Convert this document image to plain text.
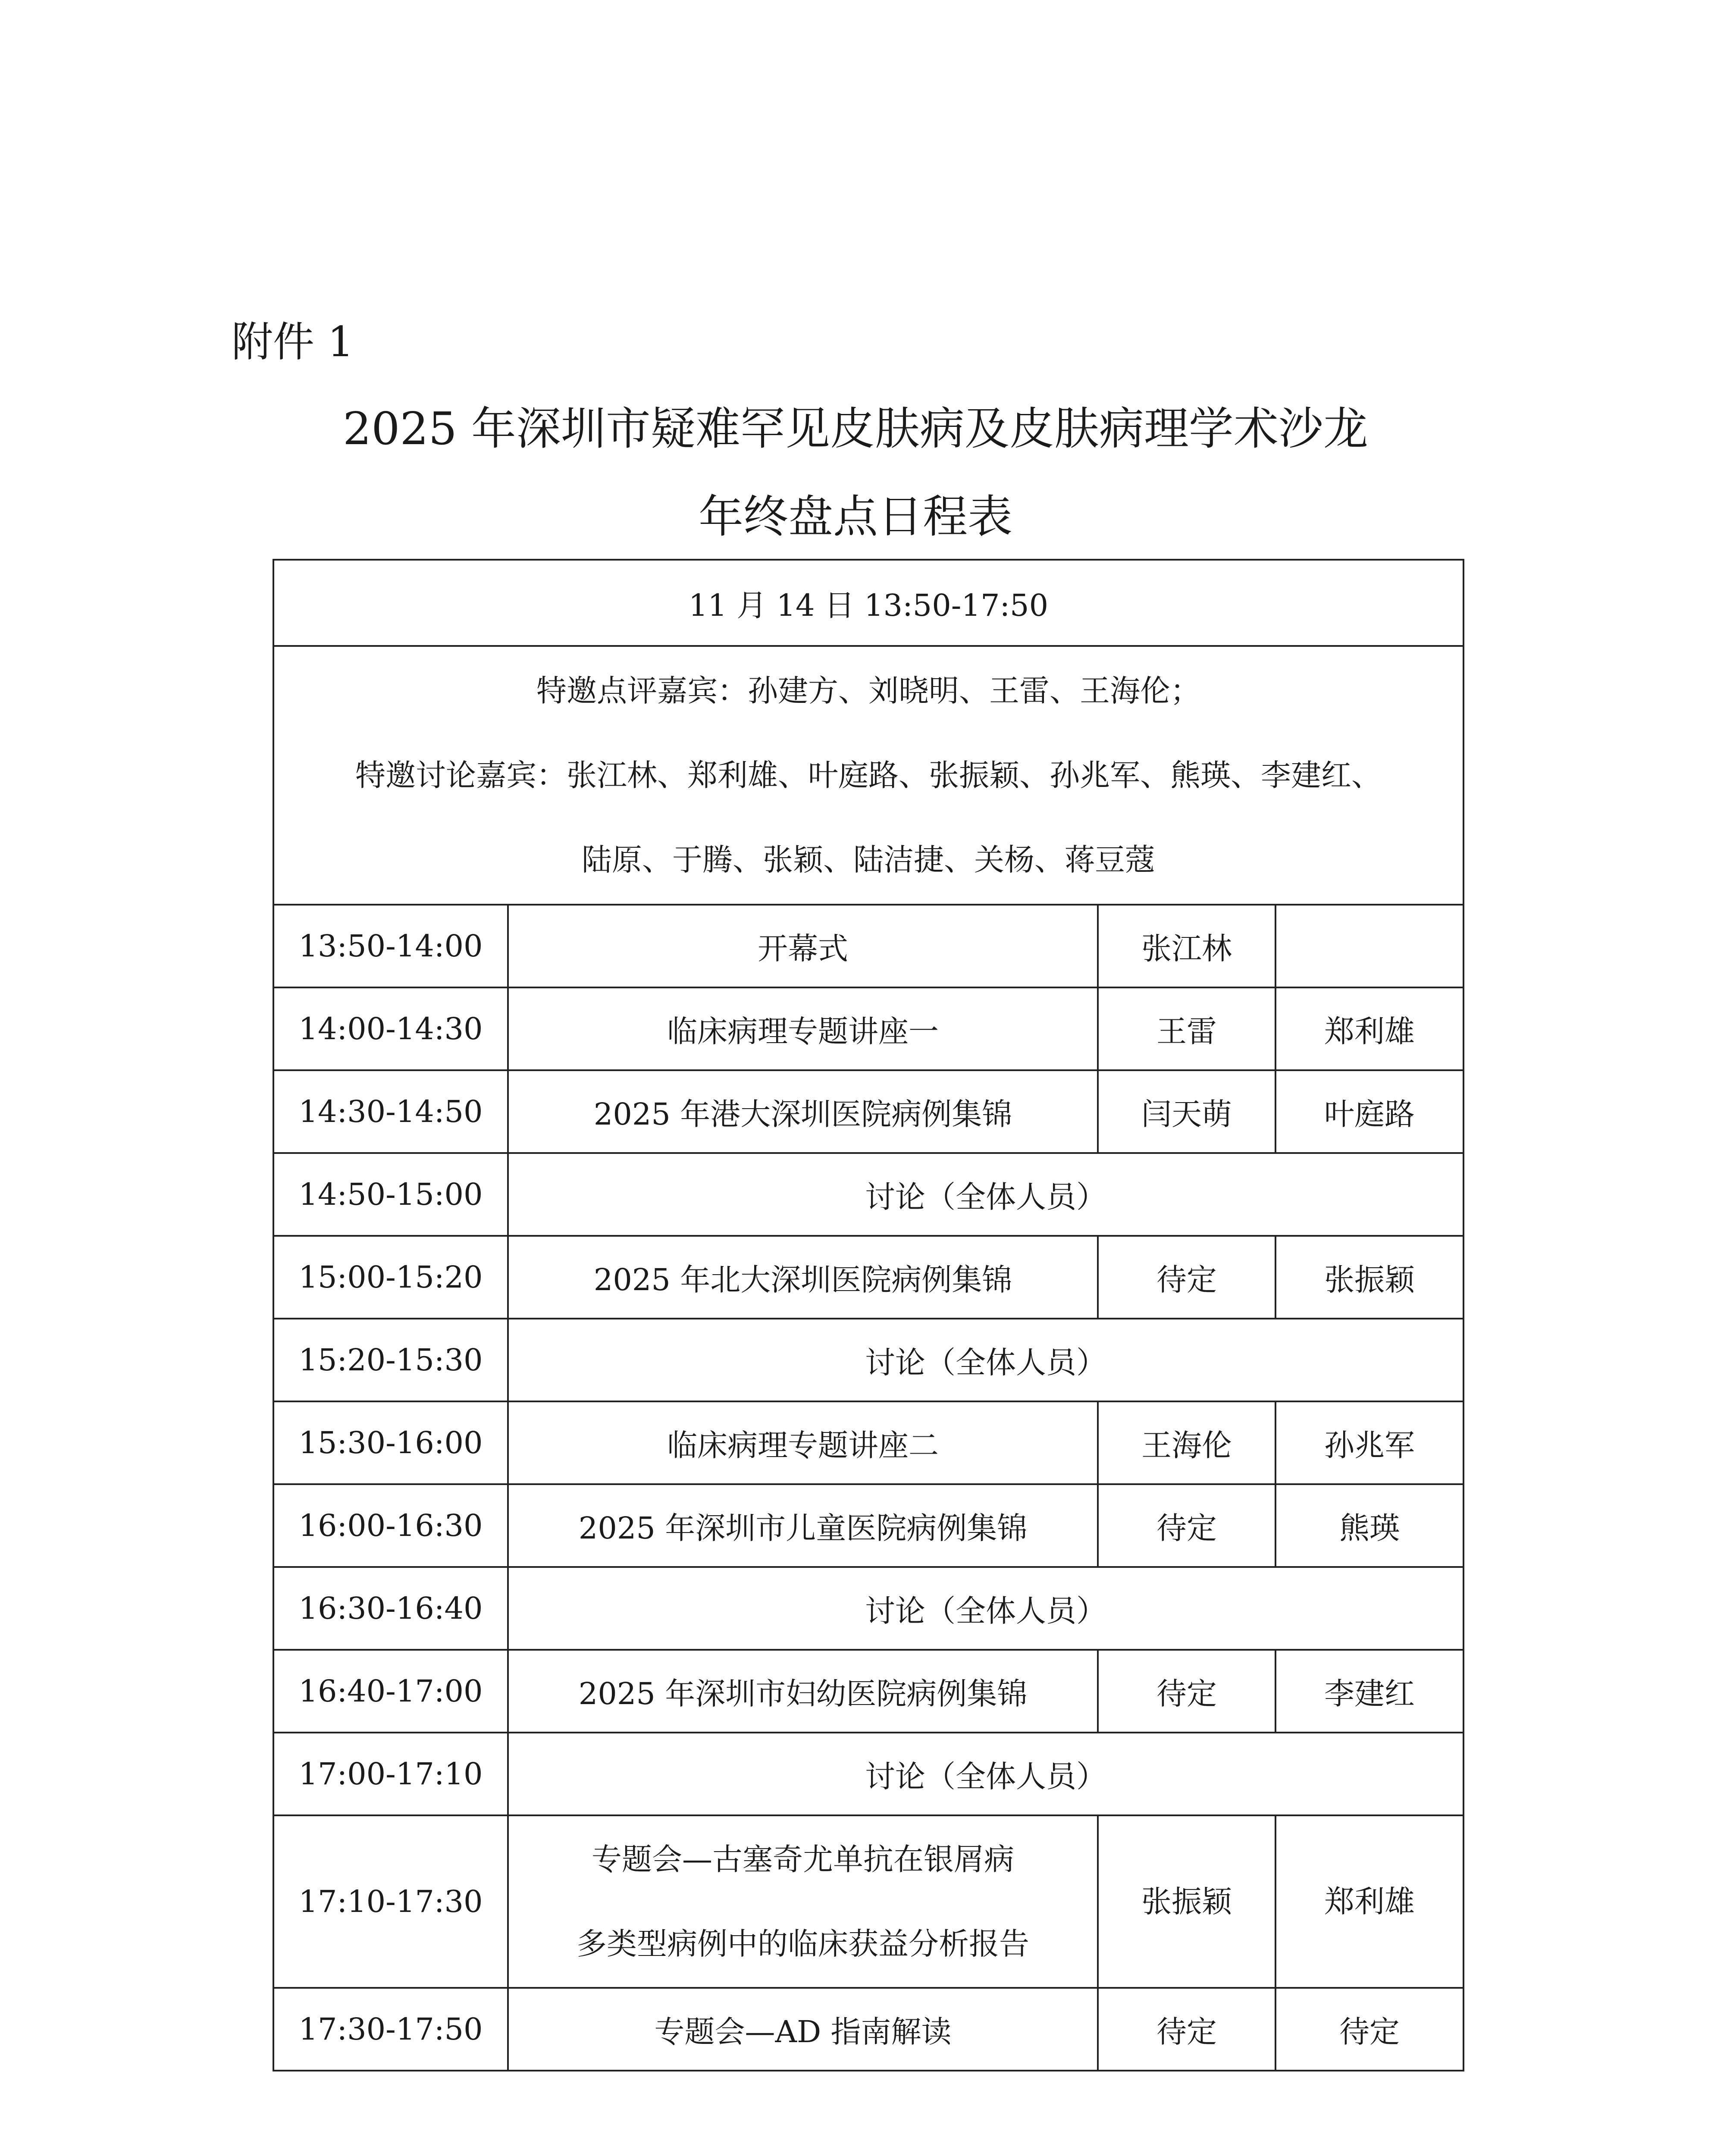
附件 1

2025 年深圳市疑难罕见皮肤病及皮肤病理学术沙龙
年终盘点日程表
11 月 14 日 13:50-17:50			

特邀点评嘉宾：孙建方、刘晓明、王雷、王海伦；
特邀讨论嘉宾：张江林、郑利雄、叶庭路、张振颖、孙兆军、熊瑛、李建红、
陆原、于腾、张颖、陆洁捷、关杨、蒋豆蔻			

13:50-14:00	开幕式	张江林	
14:00-14:30	临床病理专题讲座一	王雷	郑利雄
14:30-14:50	2025 年港大深圳医院病例集锦	闫天萌	叶庭路
14:50-15:00	讨论（全体人员）		
15:00-15:20	2025 年北大深圳医院病例集锦	待定	张振颖
15:20-15:30	讨论（全体人员）		
15:30-16:00	临床病理专题讲座二	王海伦	孙兆军
16:00-16:30	2025 年深圳市儿童医院病例集锦	待定	熊瑛
16:30-16:40	讨论（全体人员）		
16:40-17:00	2025 年深圳市妇幼医院病例集锦	待定	李建红
17:00-17:10	讨论（全体人员）		
17:10-17:30	专题会—古塞奇尤单抗在银屑病
多类型病例中的临床获益分析报告	张振颖	郑利雄
17:30-17:50	专题会—AD 指南解读	待定	待定
